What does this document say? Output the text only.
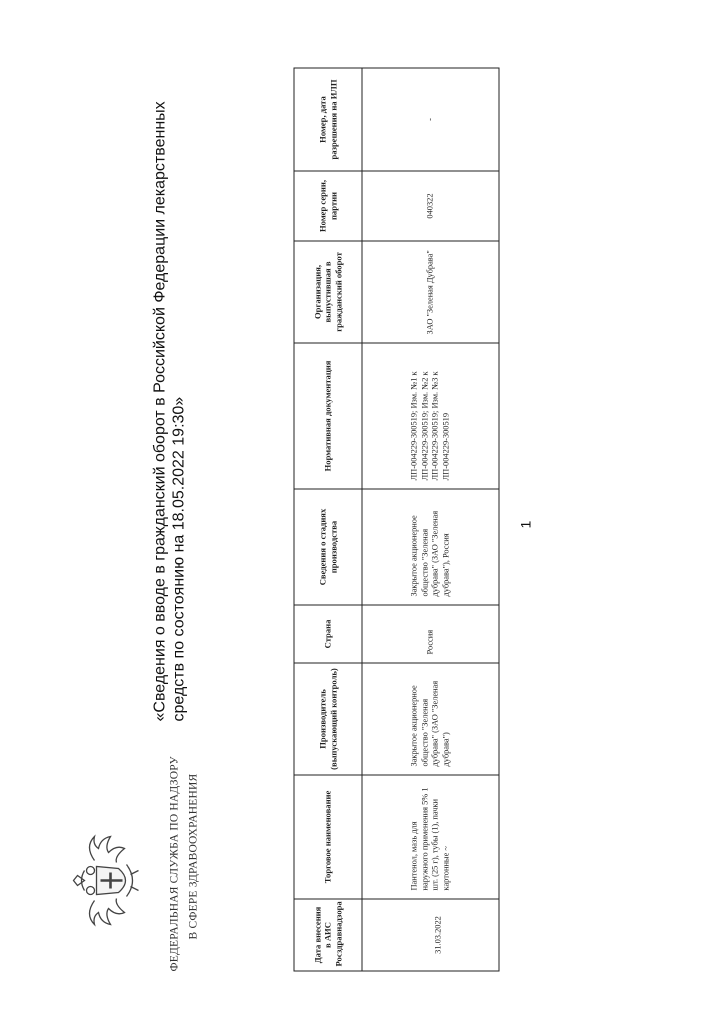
ФЕДЕРАЛЬНАЯ СЛУЖБА ПО НАДЗОРУ В СФЕРЕ ЗДРАВООХРАНЕНИЯ
«Сведения о вводе в гражданский оборот в Российской Федерации лекарственных средств по состоянию на 18.05.2022 19:30»
Дата внесения в АИС Росздравнадзора	Торговое наименование	Производитель (выпускающий контроль)	Страна	Сведения о стадиях производства	Нормативная документация	Организация, выпустившая в гражданский оборот	Номер серии, партии	Номер, дата разрешения на ИЛП
31.03.2022	Пантенол, мазь для наружного применения 5% 1 шт. (25 г), тубы (1), пачки картонные ~	Закрытое акционерное общество "Зеленая дубрава" (ЗАО "Зеленая дубрава")	Россия	Закрытое акционерное общество "Зеленая дубрава" (ЗАО "Зеленая дубрава"), Россия	ЛП-004229-300519; Изм. №1 к ЛП-004229-300519; Изм. №2 к ЛП-004229-300519; Изм. №3 к ЛП-004229-300519	ЗАО "Зеленая Дубрава"	040322	-
1
